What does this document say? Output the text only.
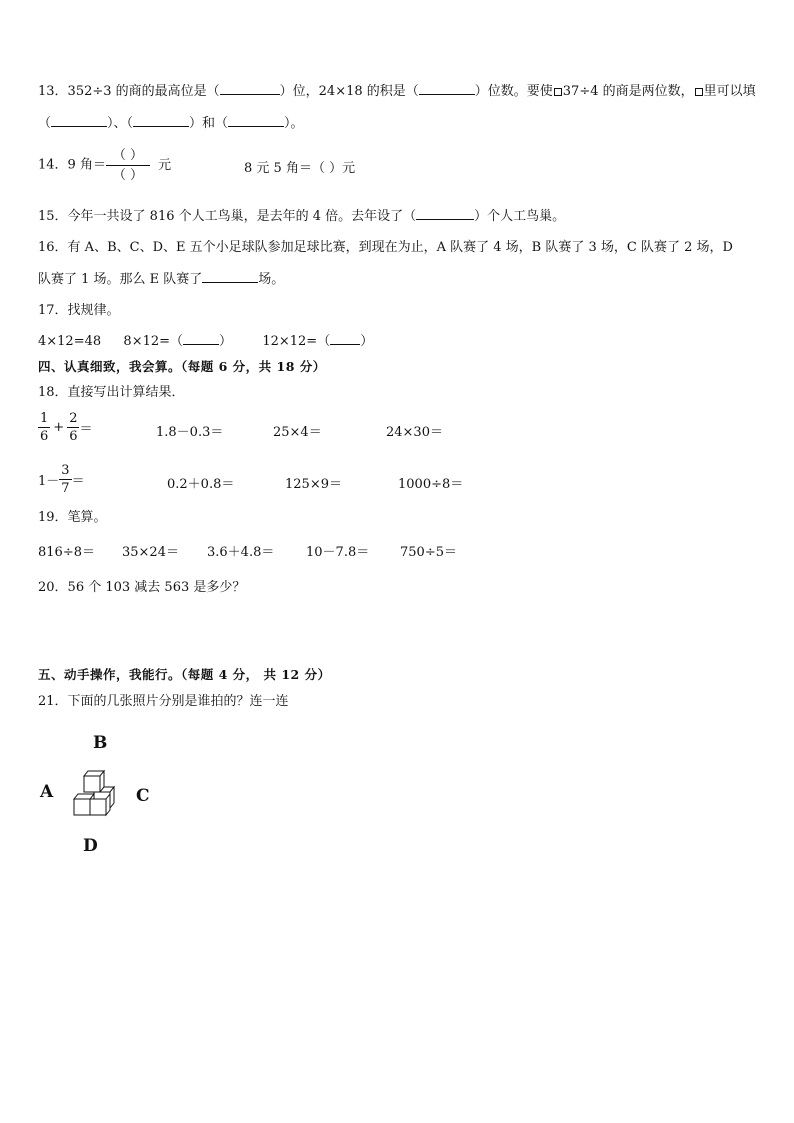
13．352÷3 的商的最高位是（	）位，24×18 的积是（	）位数。要使 37÷4 的商是两位数， 里可以填
（	）、（	）和（	）。
14．9 角＝ $\frac{( )}{( )}$ 元	8 元 5 角＝（ ）元
15．今年一共设了 816 个人工鸟巢，是去年的 4 倍。去年设了（	）个人工鸟巢。
16．有 A、B、C、D、E 五个小足球队参加足球比赛，到现在为止，A 队赛了 4 场，B 队赛了 3 场，C 队赛了 2 场，D
队赛了 1 场。那么 E 队赛了	场。
17．找规律。
4×12=48 8×12=（	） 12×12=（ ）
四、认真细致，我会算。（每题 6 分，共 18 分）
18．直接写出计算结果．
$\frac{1}{6} + \frac{2}{6}$ ＝	1.8－0.3＝	25×4＝	24×30＝
$1- \frac{3}{7}$ ＝	0.2＋0.8＝	125×9＝	1000÷8＝
19．笔算。
816÷8＝ 35×24＝ 3.6＋4.8＝ 10－7.8＝ 750÷5＝
20．56 个 103 减去 563 是多少？
五、动手操作，我能行。（每题 4 分， 共 12 分）
21．下面的几张照片分别是谁拍的？连一连
B
A	C
D
